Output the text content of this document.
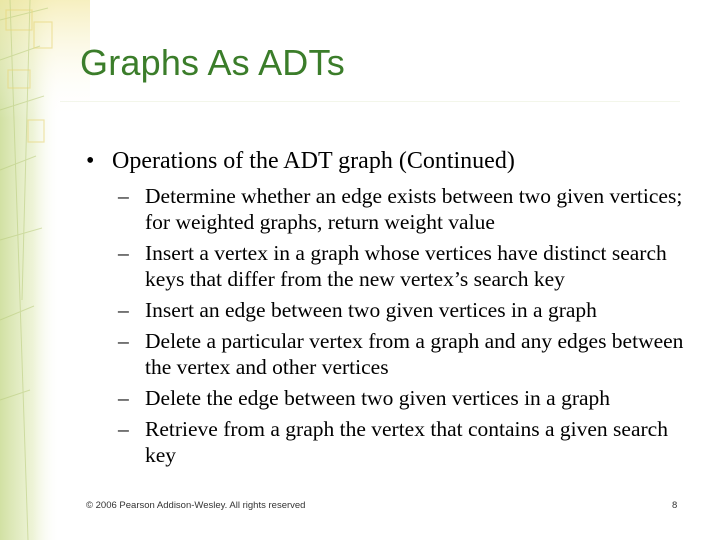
Graphs As ADTs
• Operations of the ADT graph (Continued)
– Determine whether an edge exists between two given vertices; for weighted graphs, return weight value
– Insert a vertex in a graph whose vertices have distinct search keys that differ from the new vertex’s search key
– Insert an edge between two given vertices in a graph
– Delete a particular vertex from a graph and any edges between the vertex and other vertices
– Delete the edge between two given vertices in a graph
– Retrieve from a graph the vertex that contains a given search key
© 2006 Pearson Addison-Wesley. All rights reserved	8
